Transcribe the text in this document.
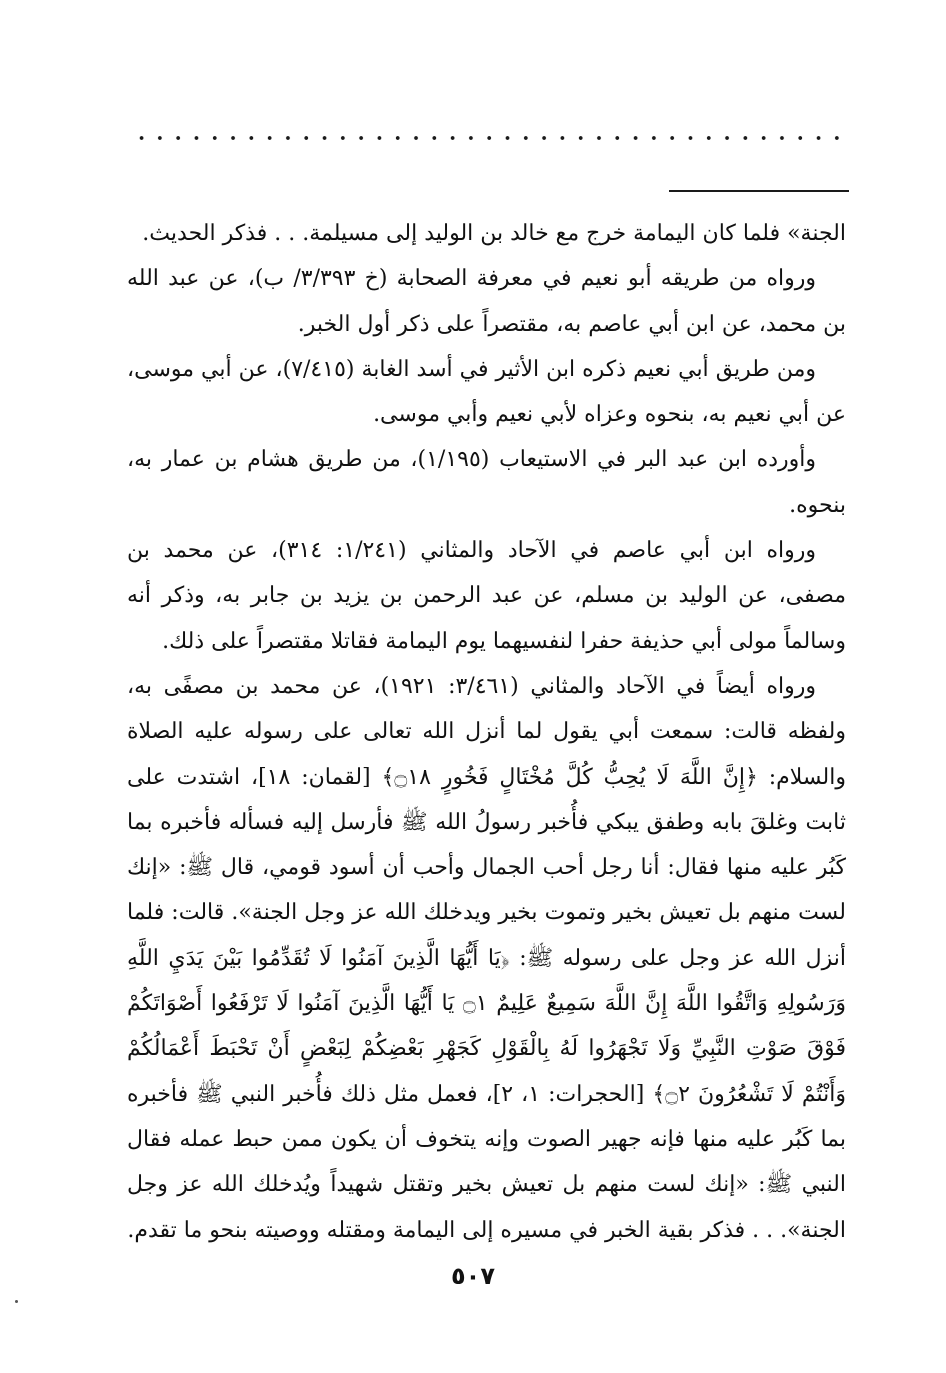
الجنة» فلما كان اليمامة خرج مع خالد بن الوليد إلى مسيلمة. . . فذكر الحديث.

ورواه من طريقه أبو نعيم في معرفة الصحابة (خ ٣/٣٩٣/ ب)، عن عبد الله بن محمد، عن ابن أبي عاصم به، مقتصراً على ذكر أول الخبر.

ومن طريق أبي نعيم ذكره ابن الأثير في أسد الغابة (٧/٤١٥)، عن أبي موسى، عن أبي نعيم به، بنحوه وعزاه لأبي نعيم وأبي موسى.

وأورده ابن عبد البر في الاستيعاب (١/١٩٥)، من طريق هشام بن عمار به، بنحوه.

ورواه ابن أبي عاصم في الآحاد والمثاني (١/٢٤١: ٣١٤)، عن محمد بن مصفى، عن الوليد بن مسلم، عن عبد الرحمن بن يزيد بن جابر به، وذكر أنه وسالماً مولى أبي حذيفة حفرا لنفسيهما يوم اليمامة فقاتلا مقتصراً على ذلك.

ورواه أيضاً في الآحاد والمثاني (٣/٤٦١: ١٩٢١)، عن محمد بن مصفًى به، ولفظه قالت: سمعت أبي يقول لما أنزل الله تعالى على رسوله عليه الصلاة والسلام: ﴿إِنَّ اللَّهَ لَا يُحِبُّ كُلَّ مُخْتَالٍ فَخُورٍ ۝١٨﴾ [لقمان: ١٨]، اشتدت على ثابت وغلقَ بابه وطفق يبكي فأُخبر رسولُ الله ﷺ فأرسل إليه فسأله فأخبره بما كَبُر عليه منها فقال: أنا رجل أحب الجمال وأحب أن أسود قومي، قال ﷺ: «إنك لست منهم بل تعيش بخير وتموت بخير ويدخلك الله عز وجل الجنة». قالت: فلما أنزل الله عز وجل على رسوله ﷺ: ﴿يَا أَيُّهَا الَّذِينَ آمَنُوا لَا تُقَدِّمُوا بَيْنَ يَدَيِ اللَّهِ وَرَسُولِهِ وَاتَّقُوا اللَّهَ إِنَّ اللَّهَ سَمِيعٌ عَلِيمٌ ۝١ يَا أَيُّهَا الَّذِينَ آمَنُوا لَا تَرْفَعُوا أَصْوَاتَكُمْ فَوْقَ صَوْتِ النَّبِيِّ وَلَا تَجْهَرُوا لَهُ بِالْقَوْلِ كَجَهْرِ بَعْضِكُمْ لِبَعْضٍ أَنْ تَحْبَطَ أَعْمَالُكُمْ وَأَنْتُمْ لَا تَشْعُرُونَ ۝٢﴾ [الحجرات: ١، ٢]، فعمل مثل ذلك فأُخبر النبي ﷺ فأخبره بما كَبُر عليه منها فإنه جهير الصوت وإنه يتخوف أن يكون ممن حبط عمله فقال النبي ﷺ: «إنك لست منهم بل تعيش بخير وتقتل شهيداً ويُدخلك الله عز وجل الجنة». . . فذكر بقية الخبر في مسيره إلى اليمامة ومقتله ووصيته بنحو ما تقدم.

٥٠٧
